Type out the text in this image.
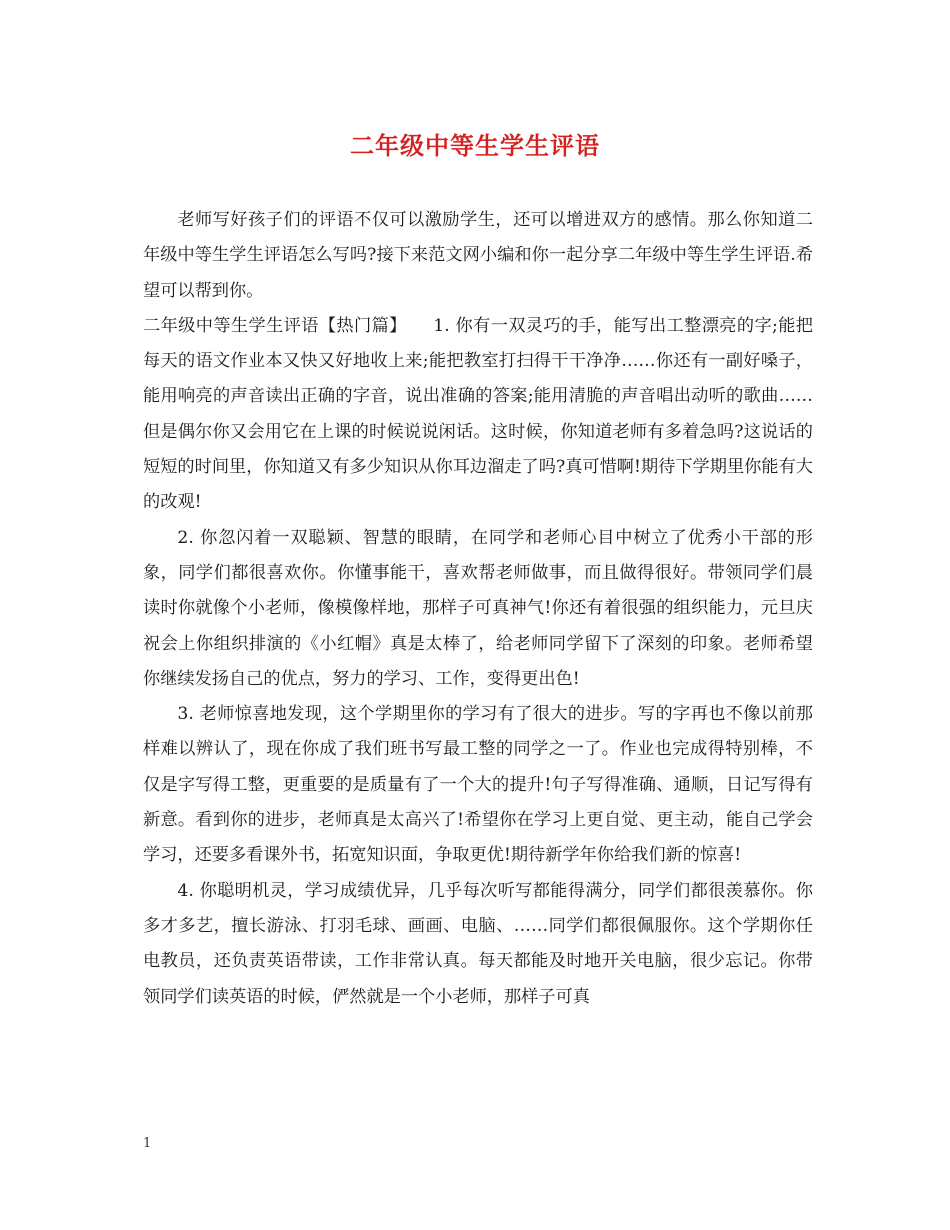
二年级中等生学生评语

老师写好孩子们的评语不仅可以激励学生，还可以增进双方的感情。那么你知道二年级中等生学生评语怎么写吗?接下来范文网小编和你一起分享二年级中等生学生评语.希望可以帮到你。

二年级中等生学生评语【热门篇】　　1. 你有一双灵巧的手，能写出工整漂亮的字;能把每天的语文作业本又快又好地收上来;能把教室打扫得干干净净……你还有一副好嗓子，能用响亮的声音读出正确的字音，说出准确的答案;能用清脆的声音唱出动听的歌曲……但是偶尔你又会用它在上课的时候说说闲话。这时候，你知道老师有多着急吗?这说话的短短的时间里，你知道又有多少知识从你耳边溜走了吗?真可惜啊!期待下学期里你能有大的改观!

2. 你忽闪着一双聪颖、智慧的眼睛，在同学和老师心目中树立了优秀小干部的形象，同学们都很喜欢你。你懂事能干，喜欢帮老师做事，而且做得很好。带领同学们晨读时你就像个小老师，像模像样地，那样子可真神气!你还有着很强的组织能力，元旦庆祝会上你组织排演的《小红帽》真是太棒了，给老师同学留下了深刻的印象。老师希望你继续发扬自己的优点，努力的学习、工作，变得更出色!

3. 老师惊喜地发现，这个学期里你的学习有了很大的进步。写的字再也不像以前那样难以辨认了，现在你成了我们班书写最工整的同学之一了。作业也完成得特别棒，不仅是字写得工整，更重要的是质量有了一个大的提升!句子写得准确、通顺，日记写得有新意。看到你的进步，老师真是太高兴了!希望你在学习上更自觉、更主动，能自己学会学习，还要多看课外书，拓宽知识面，争取更优!期待新学年你给我们新的惊喜!

4. 你聪明机灵，学习成绩优异，几乎每次听写都能得满分，同学们都很羡慕你。你多才多艺，擅长游泳、打羽毛球、画画、电脑、……同学们都很佩服你。这个学期你任电教员，还负责英语带读，工作非常认真。每天都能及时地开关电脑，很少忘记。你带领同学们读英语的时候，俨然就是一个小老师，那样子可真

1
